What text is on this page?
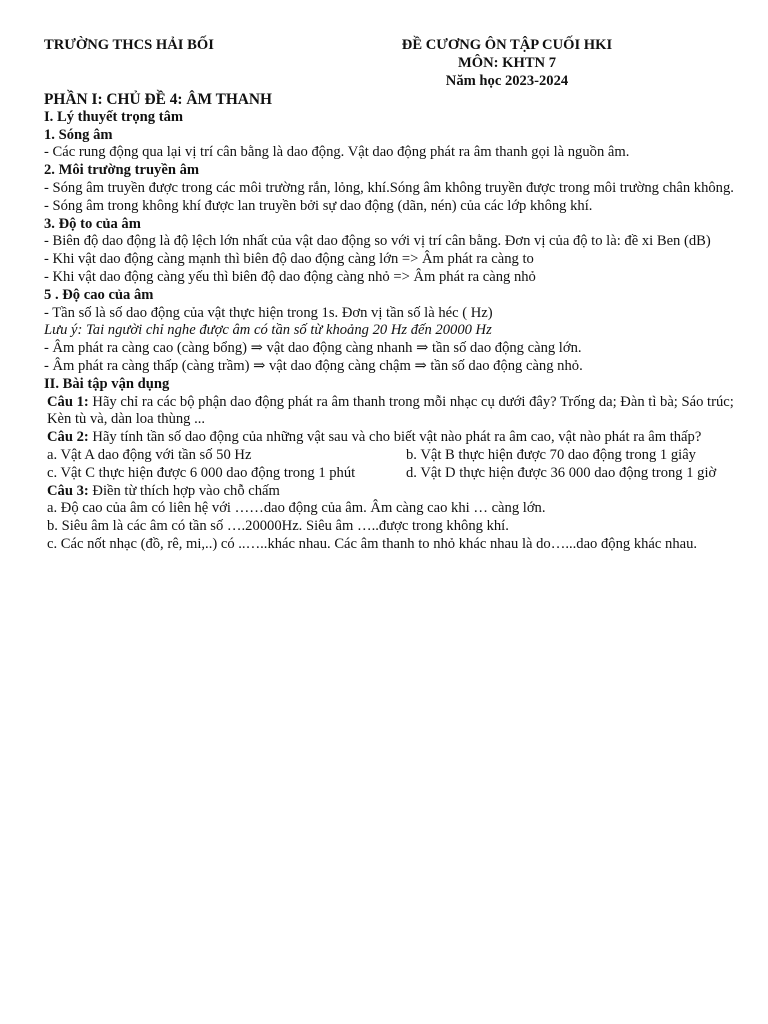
TRƯỜNG THCS HẢI BỐI	ĐỀ CƯƠNG ÔN TẬP CUỐI HKI
MÔN: KHTN 7
Năm học 2023-2024

PHẦN I: CHỦ ĐỀ 4: ÂM THANH

I. Lý thuyết trọng tâm

1. Sóng âm

- Các rung động qua lại vị trí cân bằng là dao động. Vật dao động phát ra âm thanh gọi là nguồn âm.

2. Môi trường truyền âm

- Sóng âm truyền được trong các môi trường rắn, lỏng, khí.Sóng âm không truyền được trong môi trường chân không.

- Sóng âm trong không khí được lan truyền bởi sự dao động (dãn, nén) của các lớp không khí.

3. Độ to của âm

- Biên độ dao động là độ lệch lớn nhất của vật dao động so với vị trí cân bằng. Đơn vị của độ to là: đề xi Ben (dB)

- Khi vật dao động càng mạnh thì biên độ dao động càng lớn => Âm phát ra càng to

- Khi vật dao động càng yếu thì biên độ dao động càng nhỏ => Âm phát ra càng nhỏ

5 . Độ cao của âm

- Tần số là số dao động của vật thực hiện trong 1s. Đơn vị tần số là héc ( Hz)

Lưu ý: Tai người chỉ nghe được âm có tần số từ khoảng 20 Hz đến 20000 Hz

- Âm phát ra càng cao (càng bổng) ⇒ vật dao động càng nhanh ⇒ tần số dao động càng lớn.

- Âm phát ra càng thấp (càng trầm) ⇒ vật dao động càng chậm ⇒ tần số dao động càng nhỏ.

II. Bài tập vận dụng

Câu 1: Hãy chỉ ra các bộ phận dao động phát ra âm thanh trong mỗi nhạc cụ dưới đây? Trống da; Đàn tì bà; Sáo trúc; Kèn tù và, dàn loa thùng ...

Câu 2: Hãy tính tần số dao động của những vật sau và cho biết vật nào phát ra âm cao, vật nào phát ra âm thấp?

a. Vật A dao động với tần số 50 Hz	b. Vật B thực hiện được 70 dao động trong 1 giây
c. Vật C thực hiện được 6 000 dao động trong 1 phút	d. Vật D thực hiện được 36 000 dao động trong 1 giờ

Câu 3: Điền từ thích hợp vào chỗ chấm

a. Độ cao của âm có liên hệ với ……dao động của âm. Âm càng cao khi … càng lớn.

b. Siêu âm là các âm có tần số ….20000Hz. Siêu âm …..được trong không khí.

c. Các nốt nhạc (đồ, rê, mi,..) có ..…..khác nhau. Các âm thanh to nhỏ khác nhau là do…...dao động khác nhau.
